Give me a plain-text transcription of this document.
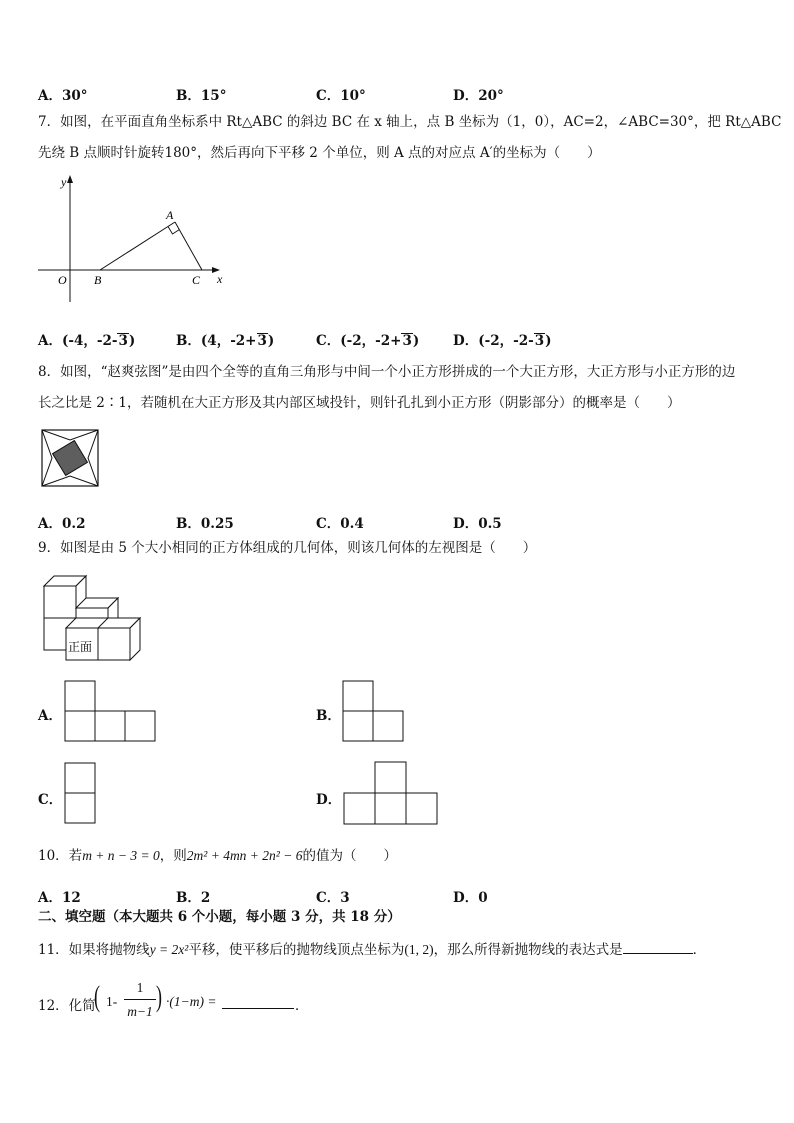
A．30°	B．15°	C．10°	D．20°
7．如图，在平面直角坐标系中 Rt△ABC 的斜边 BC 在 x 轴上，点 B 坐标为（1，0），AC=2，∠ABC=30°，把 Rt△ABC
先绕 B 点顺时针旋转180°，然后再向下平移 2 个单位，则 A 点的对应点 A′的坐标为（　　）
y
x
O B	C
A
A．(-4，-2-3)	B．(4，-2+3)	C．(-2，-2+3)	D．(-2，-2-3)
8．如图，“赵爽弦图”是由四个全等的直角三角形与中间一个小正方形拼成的一个大正方形，大正方形与小正方形的边
长之比是 2∶1，若随机在大正方形及其内部区域投针，则针孔扎到小正方形（阴影部分）的概率是（　　）
A．0.2	B．0.25	C．0.4	D．0.5
9．如图是由 5 个大小相同的正方体组成的几何体，则该几何体的左视图是（　　）
正面
A．	B．
C．	D．
10．若m + n − 3 = 0，则2m² + 4mn + 2n² − 6的值为（　　）
A．12	B．2	C．3	D．0
二、填空题（本大题共 6 个小题，每小题 3 分，共 18 分）
11．如果将抛物线y = 2x²平移，使平移后的抛物线顶点坐标为(1, 2)，那么所得新抛物线的表达式是	．
12．化简
( 1-
1
m−1 ) ·(1−m) =	．
